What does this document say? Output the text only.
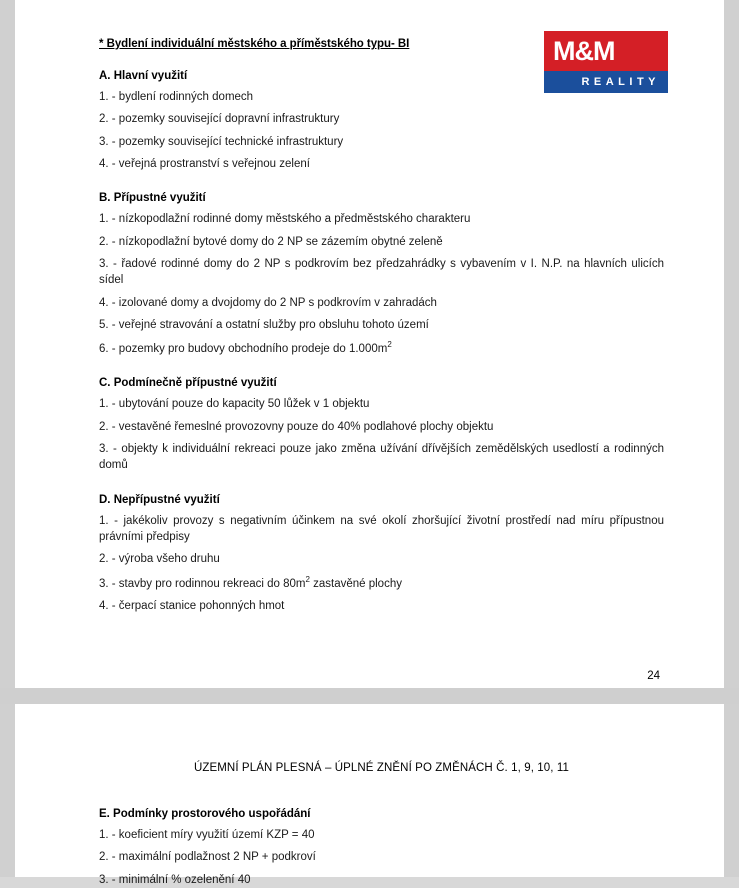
M&M
REALITY
* Bydlení individuální městského a příměstského typu- BI
A. Hlavní využití

1. - bydlení rodinných domech

2. - pozemky související dopravní infrastruktury

3. - pozemky související technické infrastruktury

4. - veřejná prostranství s veřejnou zelení

B. Přípustné využití

1. - nízkopodlažní rodinné domy městského a předměstského charakteru

2. - nízkopodlažní bytové domy do 2 NP se zázemím obytné zeleně

3. - řadové rodinné domy do 2 NP s podkrovím bez předzahrádky s vybavením v I. N.P. na hlavních ulicích sídel

4. - izolované domy a dvojdomy do 2 NP s podkrovím v zahradách

5. - veřejné stravování a ostatní služby pro obsluhu tohoto území

6. - pozemky pro budovy obchodního prodeje do $1.000m^2$

C. Podmínečně přípustné využití

1. - ubytování pouze do kapacity 50 lůžek v 1 objektu

2. - vestavěné řemeslné provozovny pouze do 40% podlahové plochy objektu

3. - objekty k individuální rekreaci pouze jako změna užívání dřívějších zemědělských usedlostí a rodinných domů

D. Nepřípustné využití

1. - jakékoliv provozy s negativním účinkem na své okolí zhoršující životní prostředí nad míru přípustnou právními předpisy

2. - výroba všeho druhu

3. - stavby pro rodinnou rekreaci do $80m^2$ zastavěné plochy

4. - čerpací stanice pohonných hmot

24
ÚZEMNÍ PLÁN PLESNÁ – ÚPLNÉ ZNĚNÍ PO ZMĚNÁCH Č. 1, 9, 10, 11
E. Podmínky prostorového uspořádání

1. - koeficient míry využití území KZP = 40

2. - maximální podlažnost 2 NP + podkroví

3. - minimální % ozelenění 40
